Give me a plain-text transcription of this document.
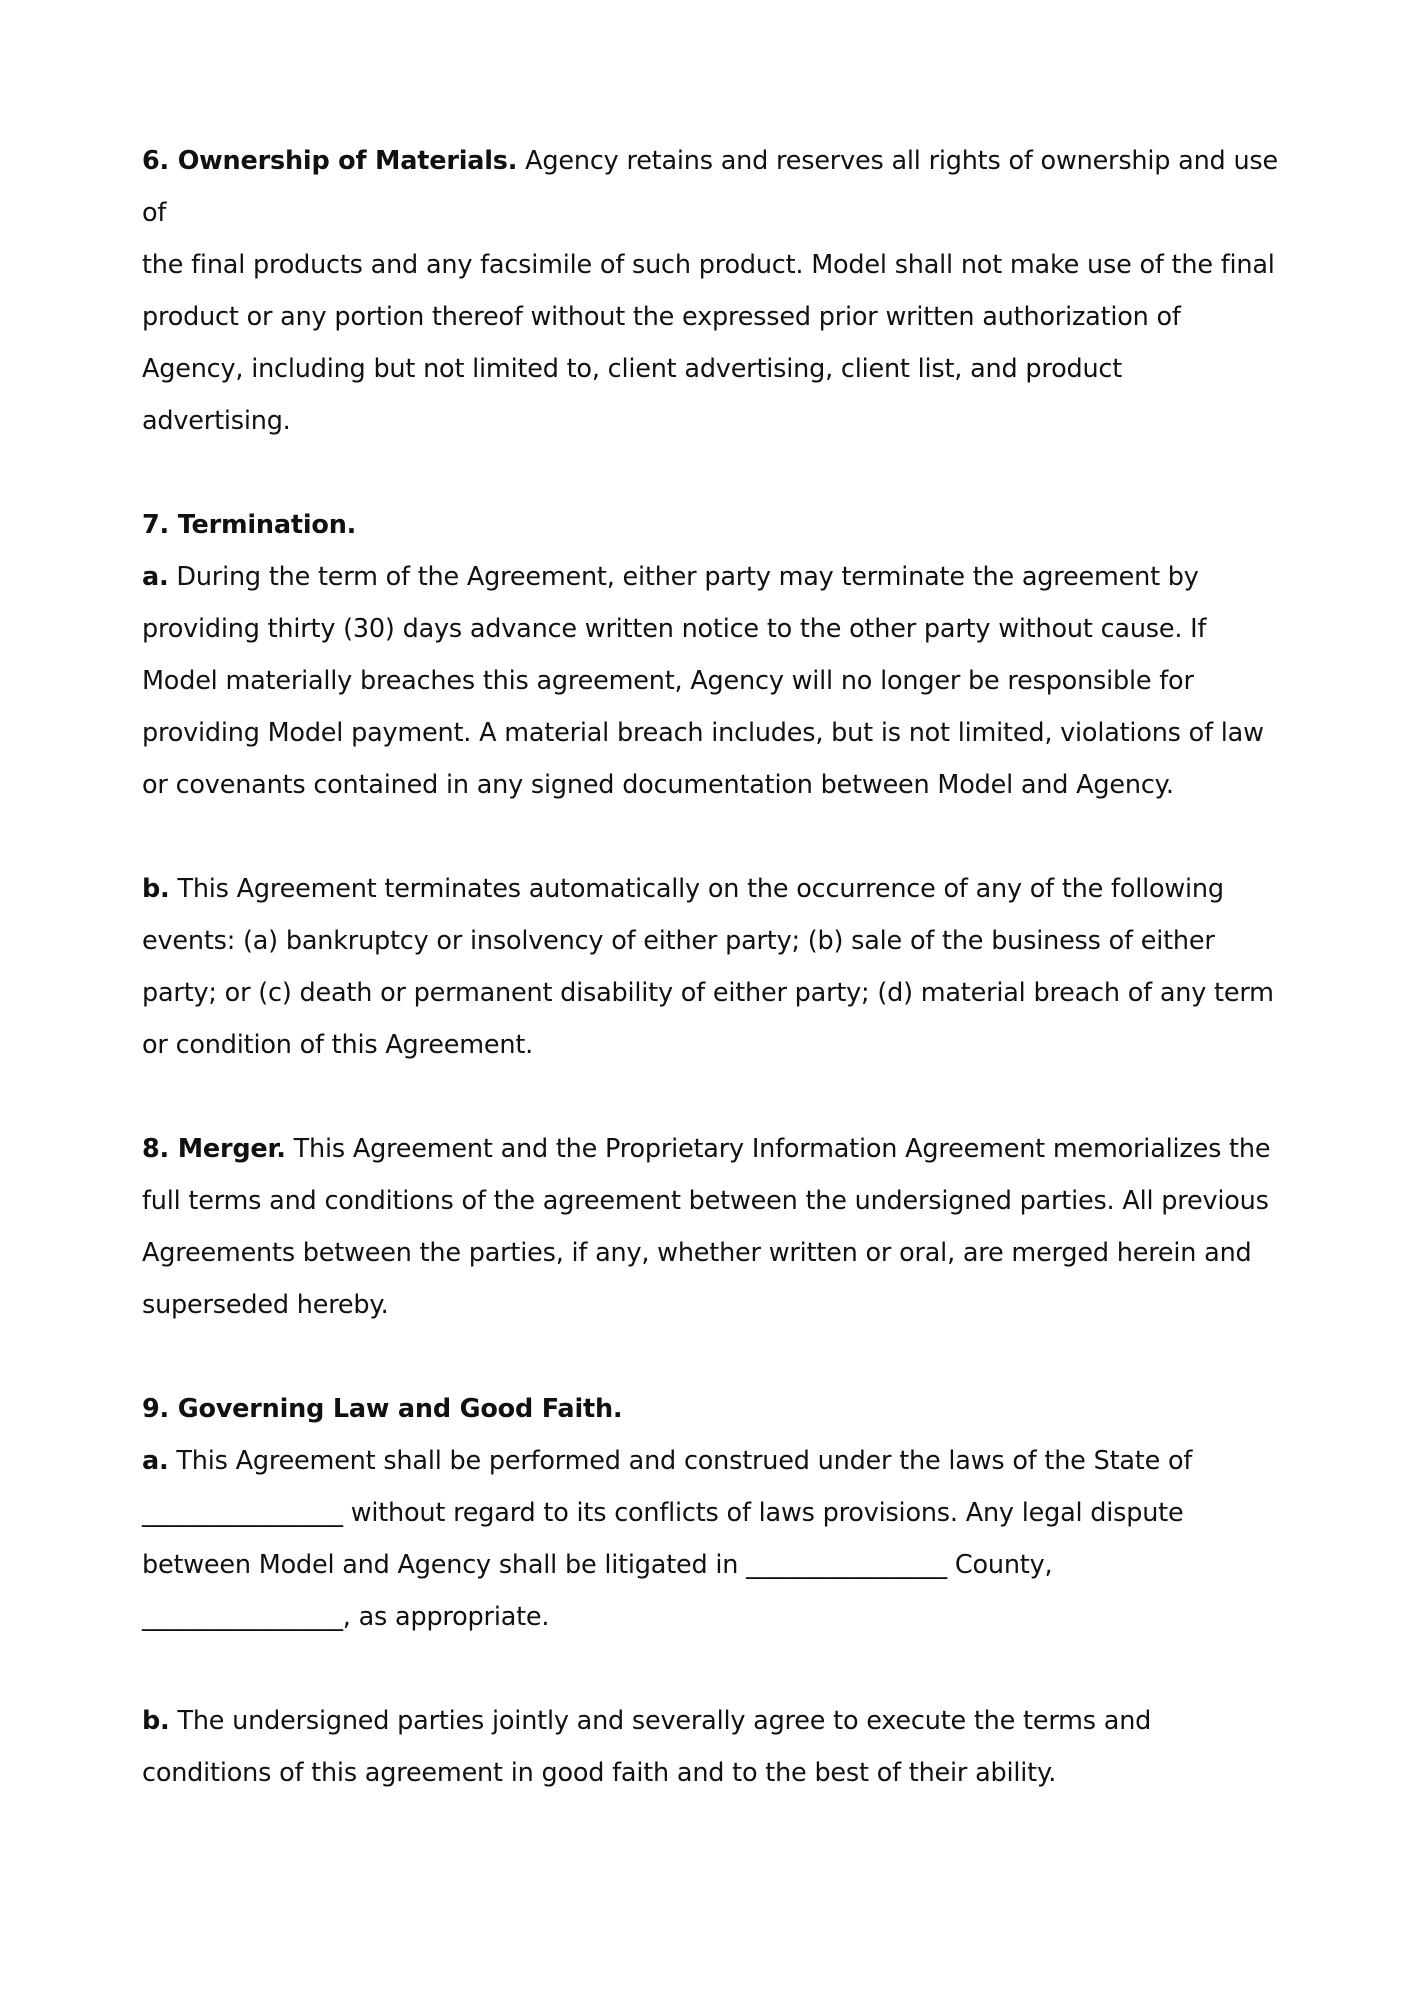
6. Ownership of Materials. Agency retains and reserves all rights of ownership and use of
the final products and any facsimile of such product. Model shall not make use of the final
product or any portion thereof without the expressed prior written authorization of
Agency, including but not limited to, client advertising, client list, and product
advertising.
7. Termination.
a. During the term of the Agreement, either party may terminate the agreement by
providing thirty (30) days advance written notice to the other party without cause. If
Model materially breaches this agreement, Agency will no longer be responsible for
providing Model payment. A material breach includes, but is not limited, violations of law
or covenants contained in any signed documentation between Model and Agency.
b. This Agreement terminates automatically on the occurrence of any of the following
events: (a) bankruptcy or insolvency of either party; (b) sale of the business of either
party; or (c) death or permanent disability of either party; (d) material breach of any term
or condition of this Agreement.
8. Merger. This Agreement and the Proprietary Information Agreement memorializes the
full terms and conditions of the agreement between the undersigned parties. All previous
Agreements between the parties, if any, whether written or oral, are merged herein and
superseded hereby.
9. Governing Law and Good Faith.
a. This Agreement shall be performed and construed under the laws of the State of
________________ without regard to its conflicts of laws provisions. Any legal dispute
between Model and Agency shall be litigated in ________________ County,
________________, as appropriate.
b. The undersigned parties jointly and severally agree to execute the terms and
conditions of this agreement in good faith and to the best of their ability.
